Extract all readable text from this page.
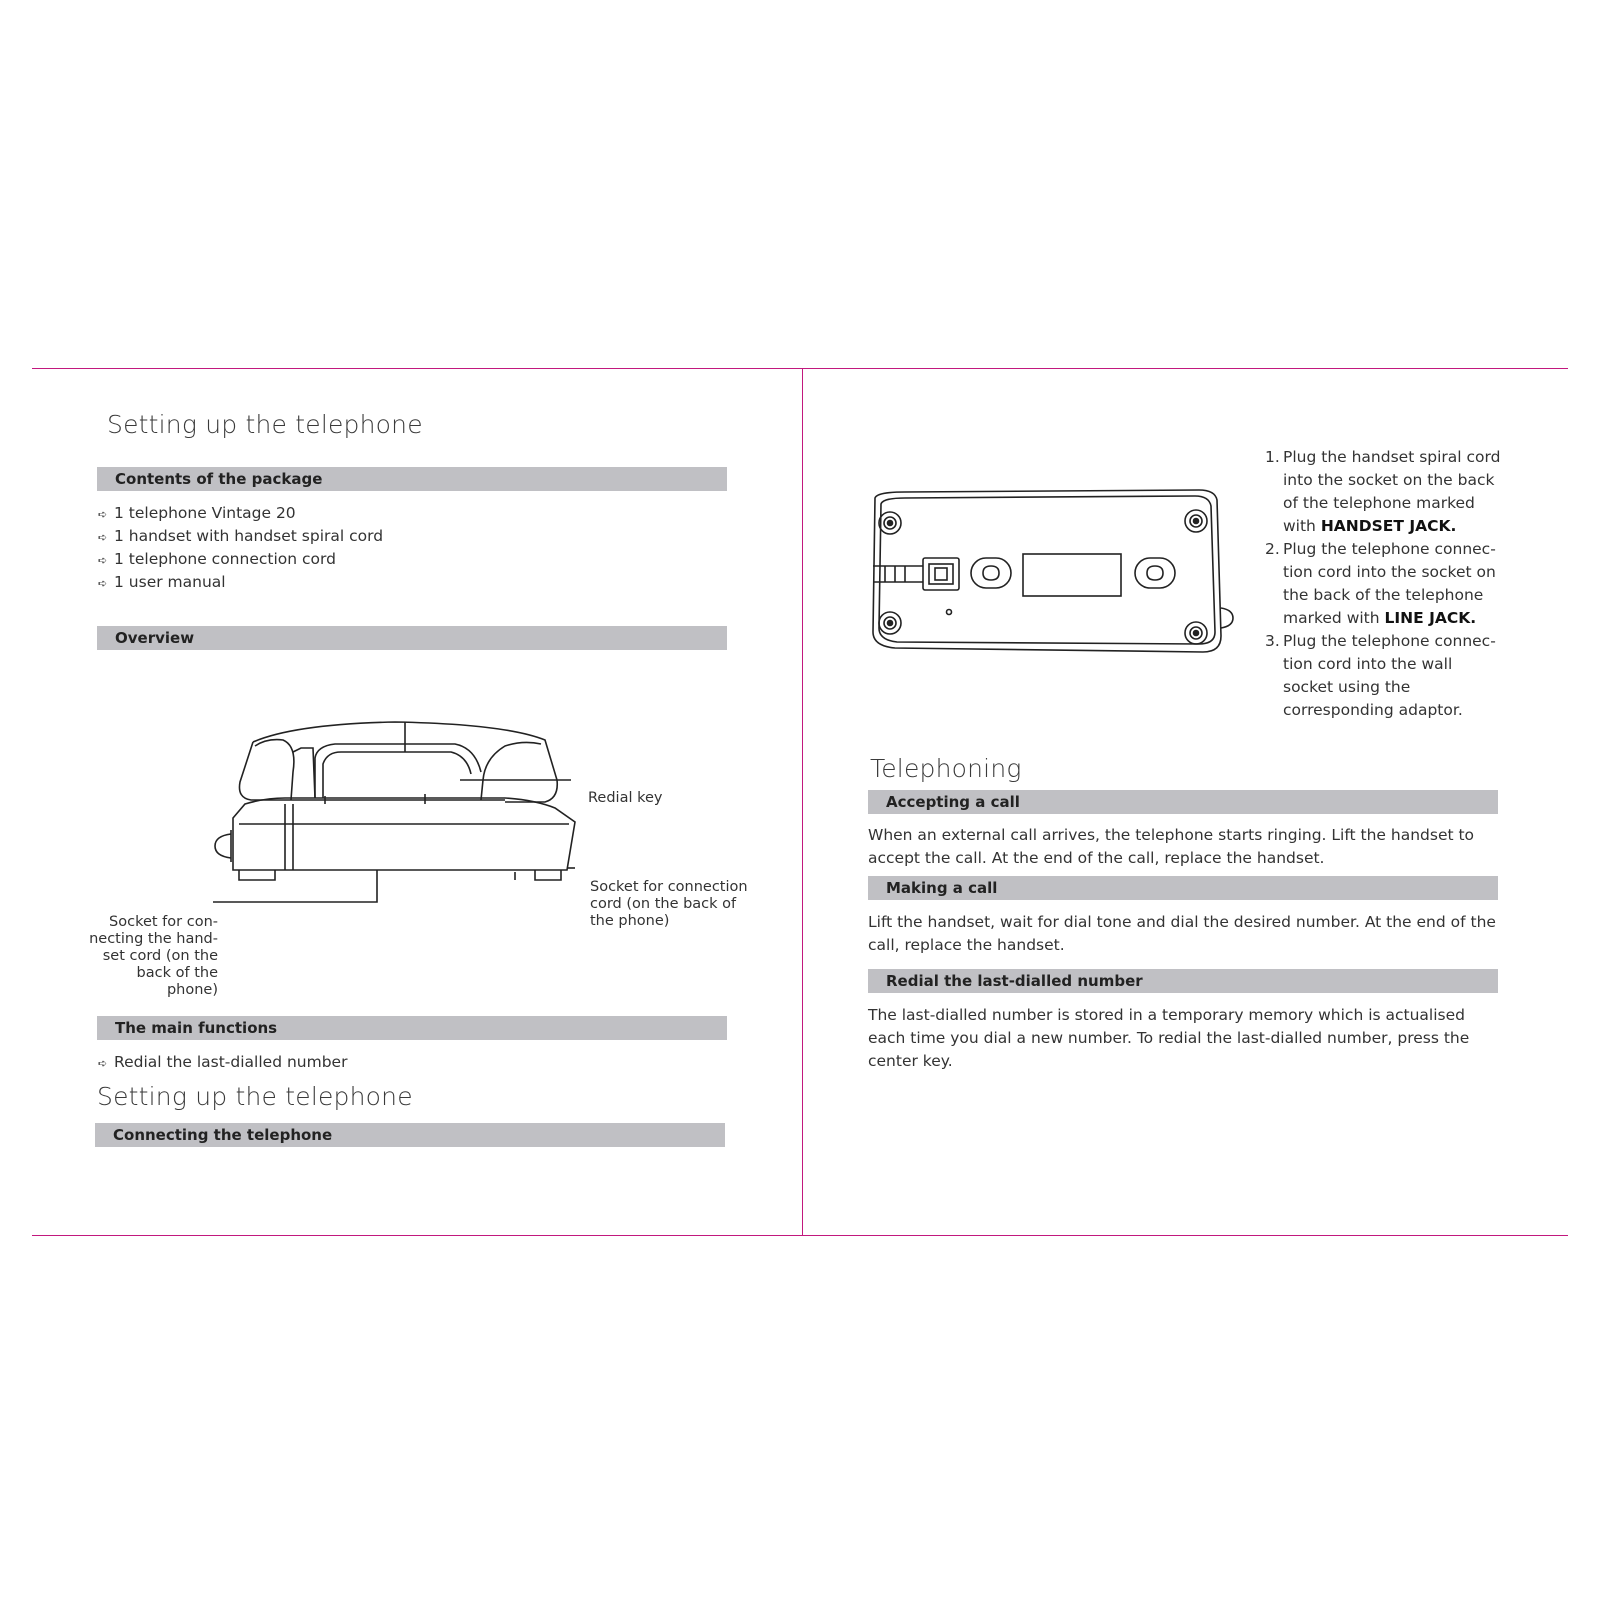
Setting up the telephone
Contents of the package
➪ 1 telephone Vintage 20
➪ 1 handset with handset spiral cord
➪ 1 telephone connection cord
➪ 1 user manual
Overview
Redial key
Socket for connection
cord (on the back of
the phone)
Socket for con-
necting the hand-
set cord (on the
back of the phone)
The main functions
➪ Redial the last-dialled number
Setting up the telephone
Connecting the telephone
1. Plug the handset spiral cord into the socket on the back of the telephone marked with HANDSET JACK.
2. Plug the telephone connec-tion cord into the socket on the back of the telephone marked with LINE JACK.
3. Plug the telephone connec-tion cord into the wall socket using the corresponding adaptor.
Telephoning
Accepting a call

When an external call arrives, the telephone starts ringing. Lift the handset to accept the call. At the end of the call, replace the handset.

Making a call

Lift the handset, wait for dial tone and dial the desired number. At the end of the call, replace the handset.

Redial the last-dialled number

The last-dialled number is stored in a temporary memory which is actualised each time you dial a new number. To redial the last-dialled number, press the center key.
